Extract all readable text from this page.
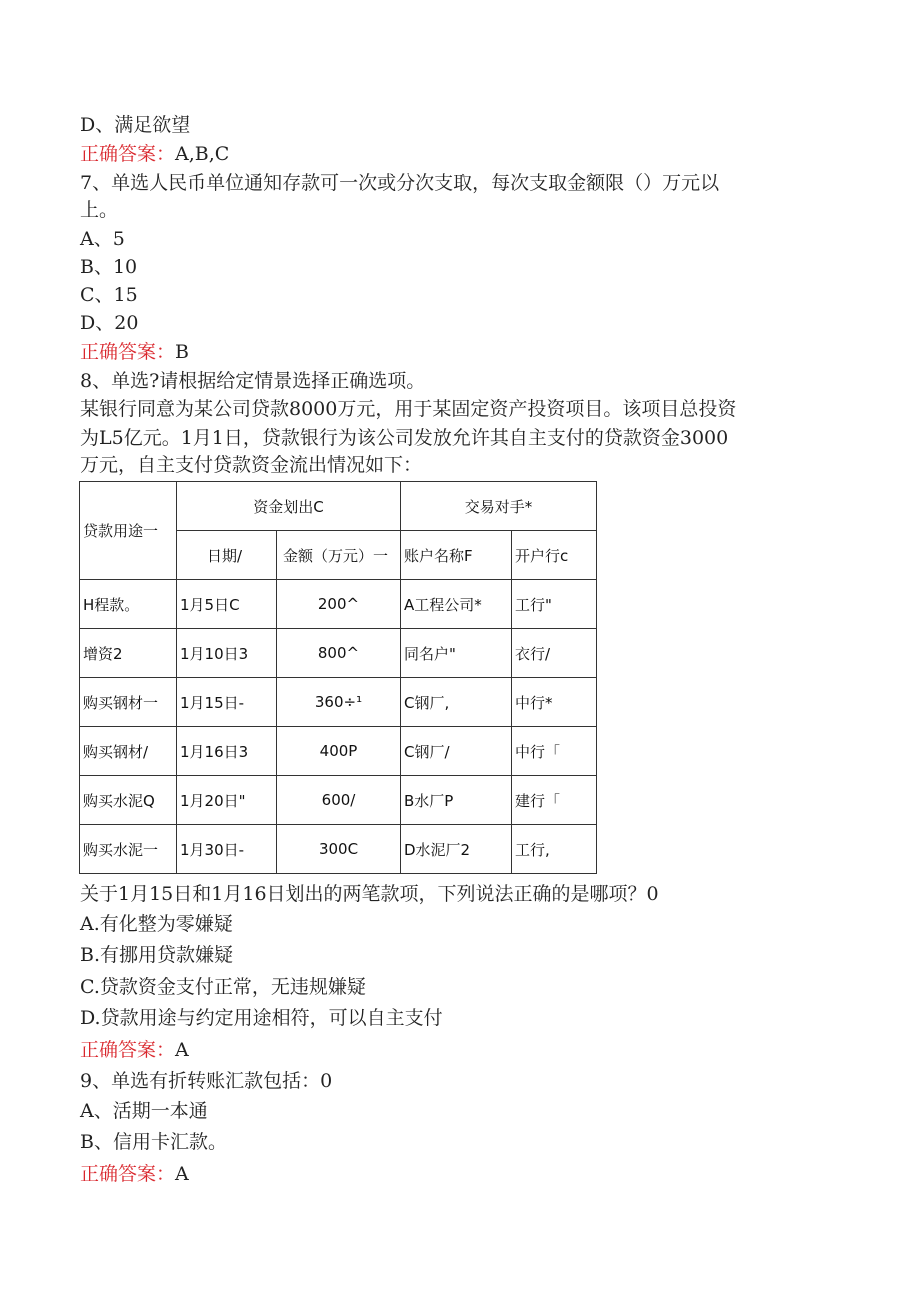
D、满足欲望
正确答案：A,B,C
7、单选人民币单位通知存款可一次或分次支取，每次支取金额限（）万元以
上。
A、5
B、10
C、15
D、20
正确答案：B
8、单选?请根据给定情景选择正确选项。
某银行同意为某公司贷款8000万元，用于某固定资产投资项目。该项目总投资
为L5亿元。1月1日，贷款银行为该公司发放允许其自主支付的贷款资金3000
万元，自主支付贷款资金流出情况如下：
贷款用途一	资金划出C		交易对手*	
	日期/	金额（万元）一	账户名称F	开户行c
H程款。	1月5日C	200^	A工程公司*	工行"
增资2	1月10日3	800^	同名户"	衣行/
购买钢材一	1月15日-	360÷¹	C钢厂,	中行*
购买钢材/	1月16日3	400P	C钢厂/	中行「
购买水泥Q	1月20日"	600/	B水厂P	建行「
购买水泥一	1月30日-	300C	D水泥厂2	工行,
关于1月15日和1月16日划出的两笔款项，下列说法正确的是哪项？0
A.有化整为零嫌疑
B.有挪用贷款嫌疑
C.贷款资金支付正常，无违规嫌疑
D.贷款用途与约定用途相符，可以自主支付
正确答案：A
9、单选有折转账汇款包括：0
A、活期一本通
B、信用卡汇款。
正确答案：A
